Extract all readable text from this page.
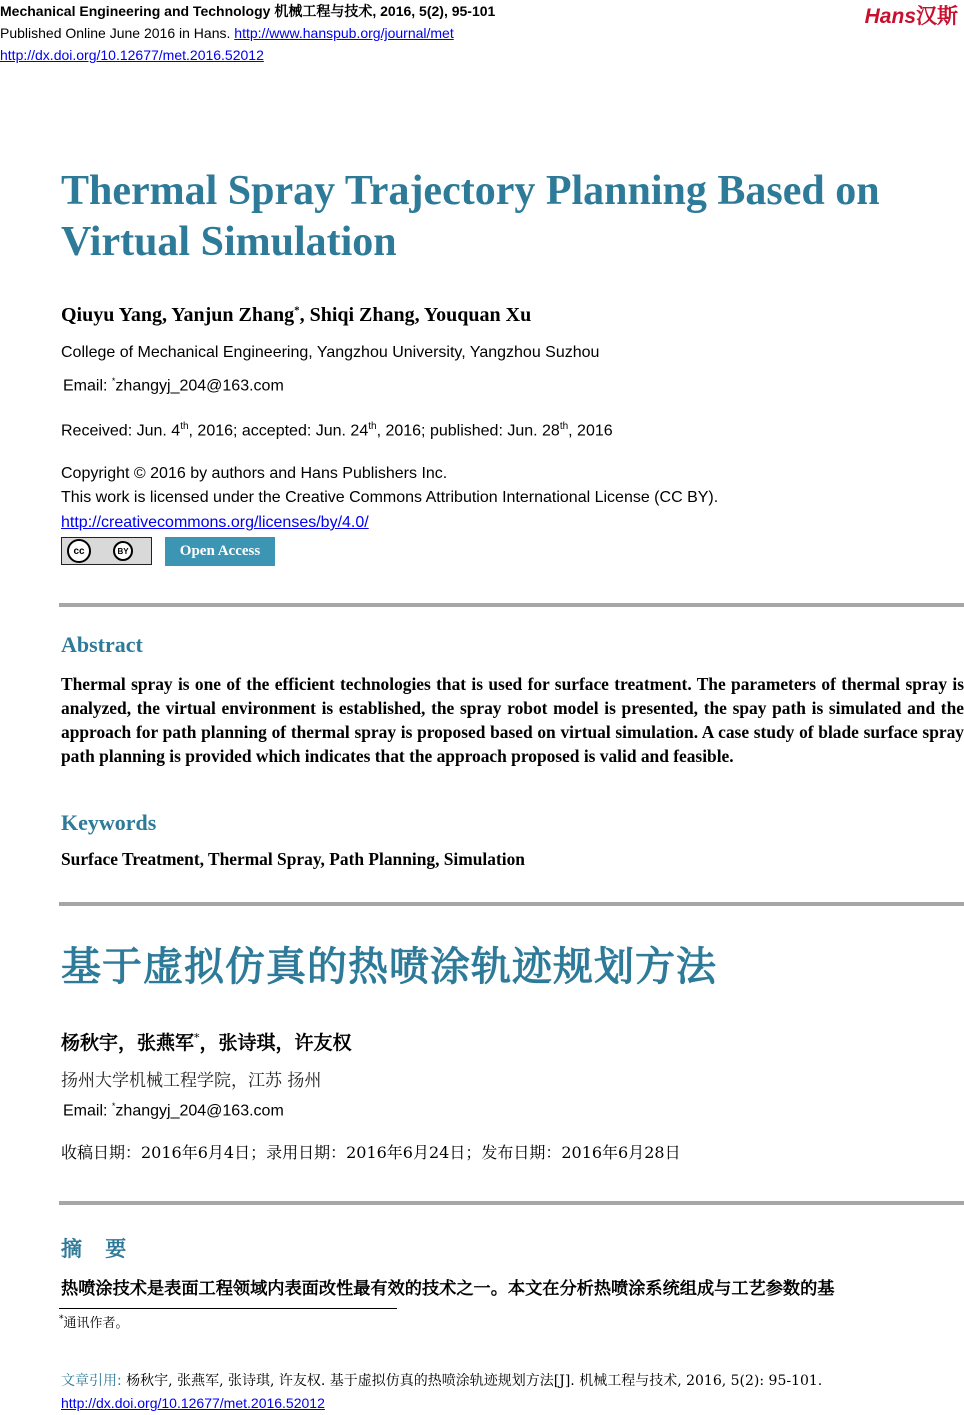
Mechanical Engineering and Technology 机械工程与技术, 2016, 5(2), 95-101
Published Online June 2016 in Hans. http://www.hanspub.org/journal/met
http://dx.doi.org/10.12677/met.2016.52012
Hans汉斯
Thermal Spray Trajectory Planning Based on Virtual Simulation
Qiuyu Yang, Yanjun Zhang*, Shiqi Zhang, Youquan Xu
College of Mechanical Engineering, Yangzhou University, Yangzhou Suzhou
Email: *zhangyj_204@163.com
Received: Jun. 4th, 2016; accepted: Jun. 24th, 2016; published: Jun. 28th, 2016
Copyright © 2016 by authors and Hans Publishers Inc.
This work is licensed under the Creative Commons Attribution International License (CC BY).
http://creativecommons.org/licenses/by/4.0/
cc	BY	Open Access
Abstract
Thermal spray is one of the efficient technologies that is used for surface treatment. The parameters of thermal spray is analyzed, the virtual environment is established, the spray robot model is presented, the spay path is simulated and the approach for path planning of thermal spray is proposed based on virtual simulation. A case study of blade surface spray path planning is provided which indicates that the approach proposed is valid and feasible.
Keywords
Surface Treatment, Thermal Spray, Path Planning, Simulation
基于虚拟仿真的热喷涂轨迹规划方法
杨秋宇，张燕军*，张诗琪，许友权
扬州大学机械工程学院，江苏 扬州
Email: *zhangyj_204@163.com
收稿日期：2016年6月4日；录用日期：2016年6月24日；发布日期：2016年6月28日
摘 要
热喷涂技术是表面工程领域内表面改性最有效的技术之一。本文在分析热喷涂系统组成与工艺参数的基
*通讯作者。
文章引用: 杨秋宇, 张燕军, 张诗琪, 许友权. 基于虚拟仿真的热喷涂轨迹规划方法[J]. 机械工程与技术, 2016, 5(2): 95-101. http://dx.doi.org/10.12677/met.2016.52012
